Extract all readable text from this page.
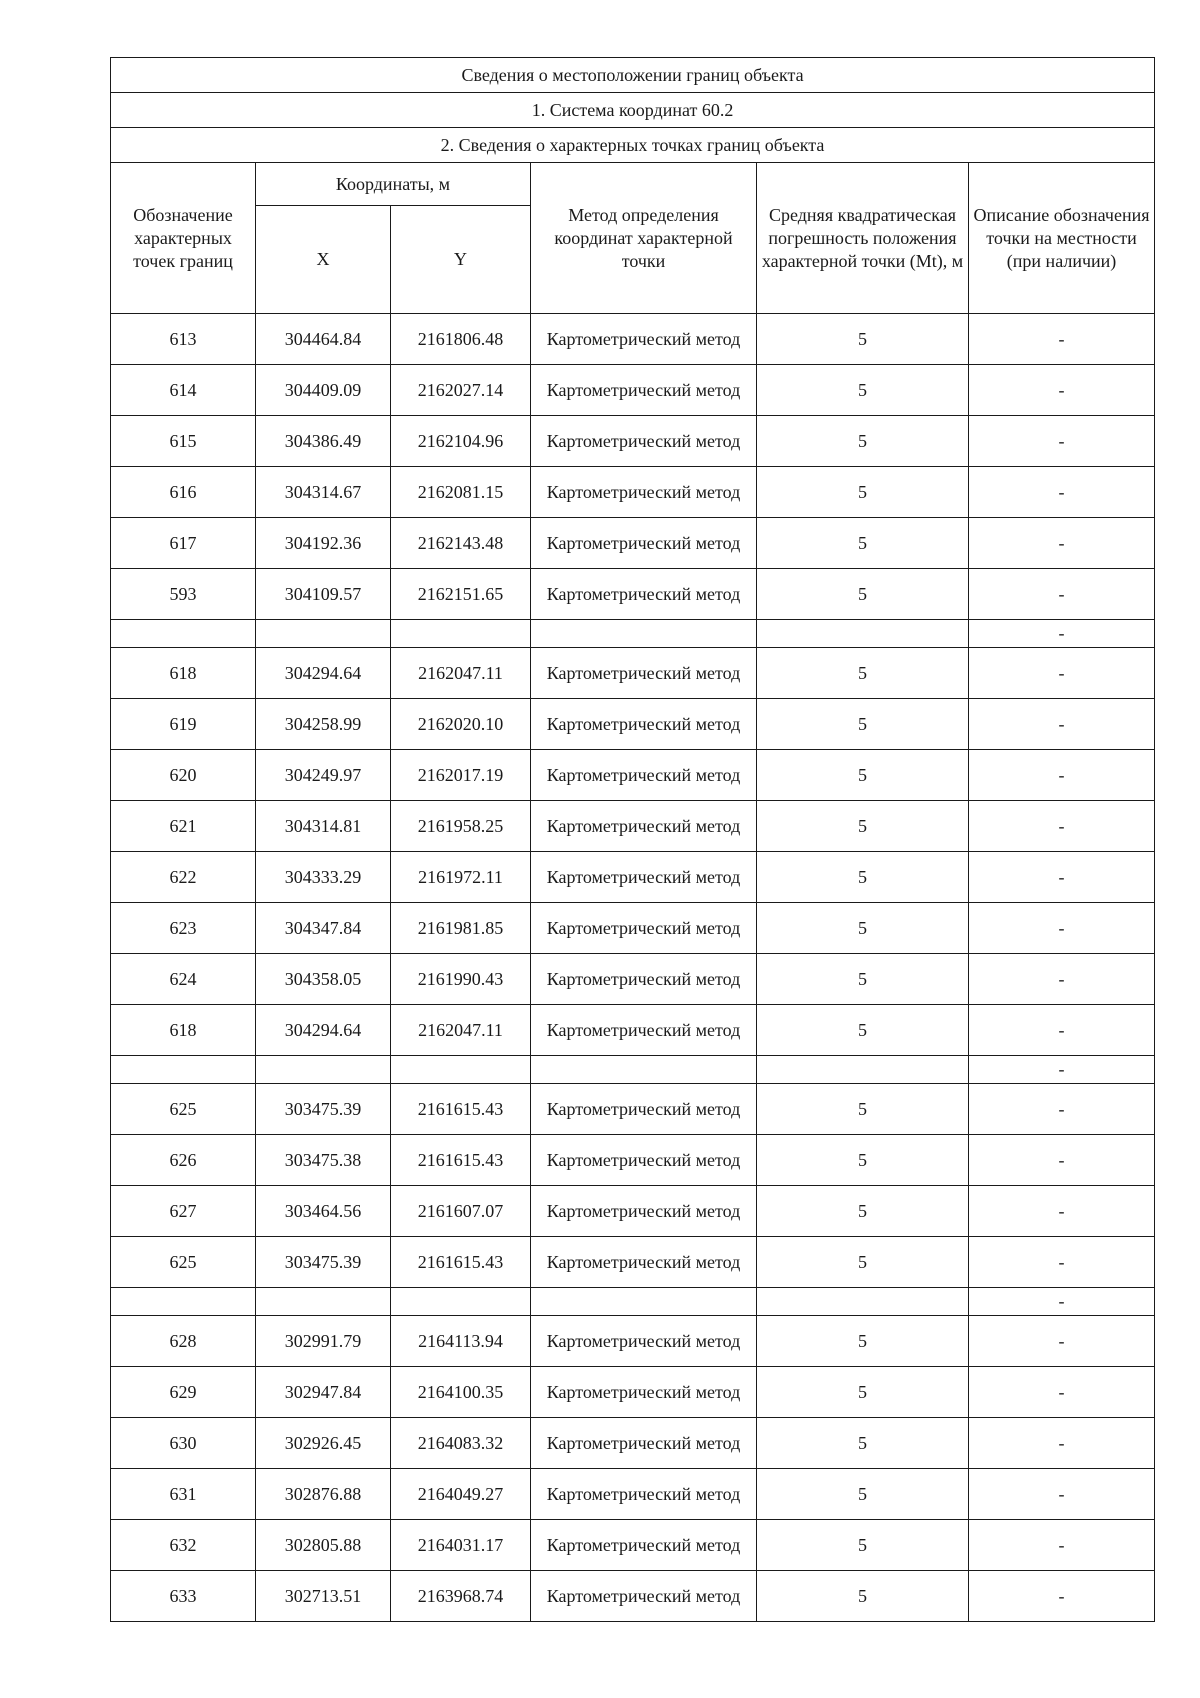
Сведения о местоположении границ объекта					
1. Система координат 60.2					
2. Сведения о характерных точках границ объекта					
Обозначение характерных точек границ	Координаты, м		Метод определения координат характерной точки	Средняя квадратическая погрешность положения характерной точки (Mt), м	Описание обозначения точки на местности (при наличии)
	X	Y			
613	304464.84	2161806.48	Картометрический метод	5	-
614	304409.09	2162027.14	Картометрический метод	5	-
615	304386.49	2162104.96	Картометрический метод	5	-
616	304314.67	2162081.15	Картометрический метод	5	-
617	304192.36	2162143.48	Картометрический метод	5	-
593	304109.57	2162151.65	Картометрический метод	5	-
					-
618	304294.64	2162047.11	Картометрический метод	5	-
619	304258.99	2162020.10	Картометрический метод	5	-
620	304249.97	2162017.19	Картометрический метод	5	-
621	304314.81	2161958.25	Картометрический метод	5	-
622	304333.29	2161972.11	Картометрический метод	5	-
623	304347.84	2161981.85	Картометрический метод	5	-
624	304358.05	2161990.43	Картометрический метод	5	-
618	304294.64	2162047.11	Картометрический метод	5	-
					-
625	303475.39	2161615.43	Картометрический метод	5	-
626	303475.38	2161615.43	Картометрический метод	5	-
627	303464.56	2161607.07	Картометрический метод	5	-
625	303475.39	2161615.43	Картометрический метод	5	-
					-
628	302991.79	2164113.94	Картометрический метод	5	-
629	302947.84	2164100.35	Картометрический метод	5	-
630	302926.45	2164083.32	Картометрический метод	5	-
631	302876.88	2164049.27	Картометрический метод	5	-
632	302805.88	2164031.17	Картометрический метод	5	-
633	302713.51	2163968.74	Картометрический метод	5	-
